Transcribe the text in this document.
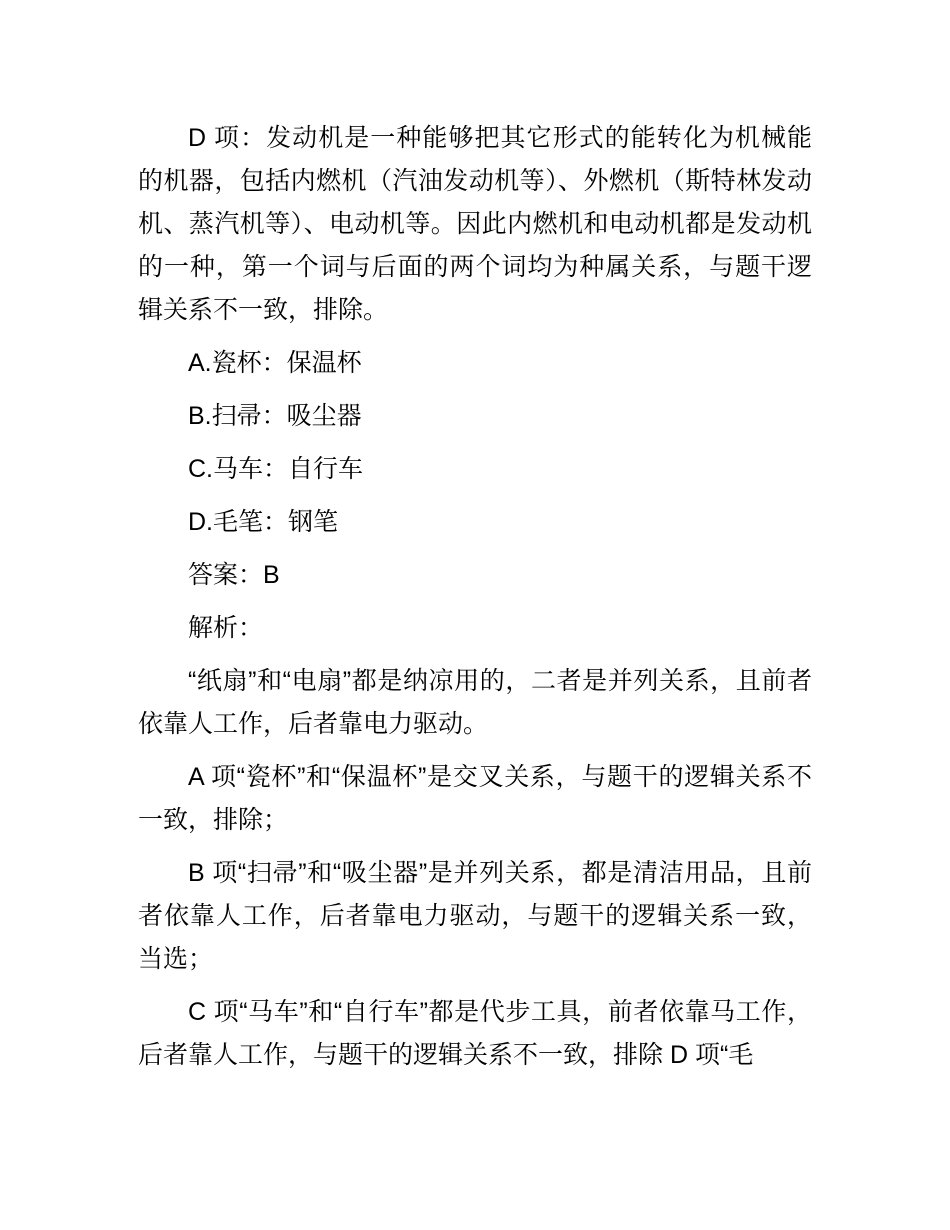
D 项：发动机是一种能够把其它形式的能转化为机械能的机器，包括内燃机（汽油发动机等）、外燃机（斯特林发动机、蒸汽机等）、电动机等。因此内燃机和电动机都是发动机的一种，第一个词与后面的两个词均为种属关系，与题干逻辑关系不一致，排除。

A.瓷杯：保温杯

B.扫帚：吸尘器

C.马车：自行车

D.毛笔：钢笔

答案：B

解析：

“纸扇”和“电扇”都是纳凉用的，二者是并列关系，且前者依靠人工作，后者靠电力驱动。

A 项“瓷杯”和“保温杯”是交叉关系，与题干的逻辑关系不一致，排除；

B 项“扫帚”和“吸尘器”是并列关系，都是清洁用品，且前者依靠人工作，后者靠电力驱动，与题干的逻辑关系一致，当选；

C 项“马车”和“自行车”都是代步工具，前者依靠马工作，后者靠人工作，与题干的逻辑关系不一致，排除 D 项“毛
